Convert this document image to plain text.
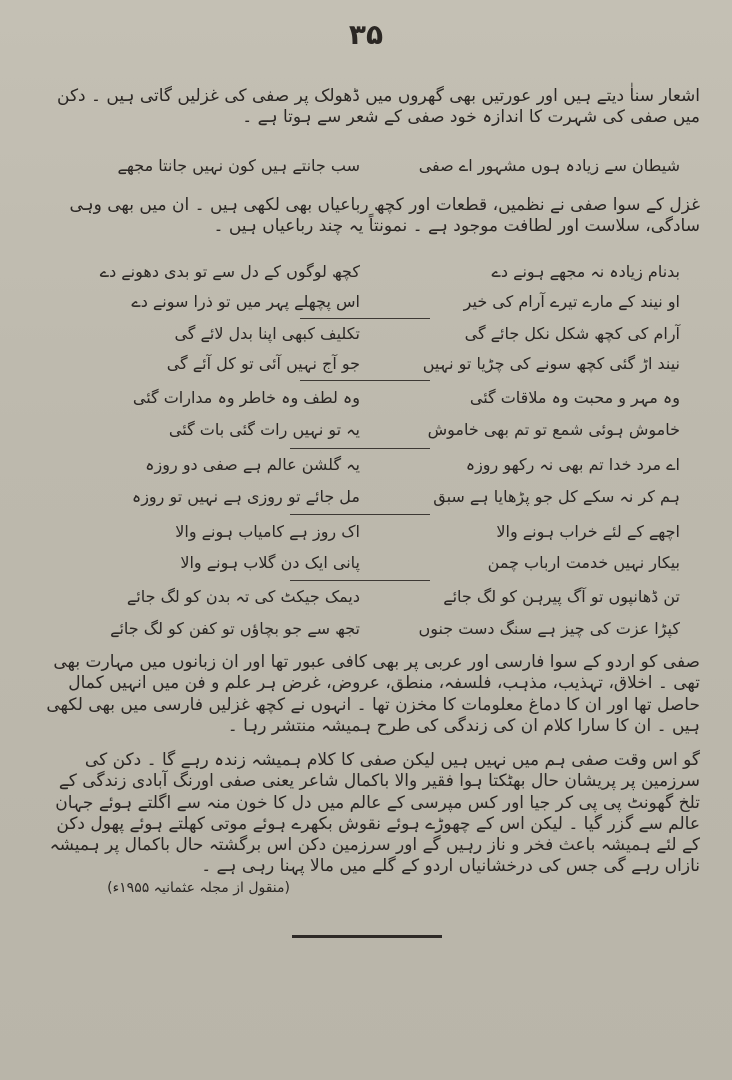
۳۵
اشعار سناٰ دیتے ہیں اور عورتیں بھی گھروں میں ڈھولک پر صفی کی غزلیں گاتی ہیں ۔ دکن میں صفی کی شہرت کا اندازہ خود صفی کے شعر سے ہوتا ہے ۔
شیطان سے زیادہ ہوں مشہور اے صفی
سب جانتے ہیں کون نہیں جانتا مجھے
غزل کے سوا صفی نے نظمیں، قطعات اور کچھ رباعیاں بھی لکھی ہیں ۔ ان میں بھی وہی سادگی، سلاست اور لطافت موجود ہے ۔ نمونتاً یہ چند رباعیاں ہیں ۔
بدنام زیادہ نہ مجھے ہونے دے
کچھ لوگوں کے دل سے تو بدی دھونے دے
او نیند کے مارے تیرے آرام کی خیر
اس پچھلے پہر میں تو ذرا سونے دے
آرام کی کچھ شکل نکل جائے گی
تکلیف کبھی اپنا بدل لائے گی
نیند اڑ گئی کچھ سونے کی چڑیا تو نہیں
جو آج نہیں آئی تو کل آئے گی
وہ مہر و محبت وہ ملاقات گئی
وہ لطف وہ خاطر وہ مدارات گئی
خاموش ہوئی شمع تو تم بھی خاموش
یہ تو نہیں رات گئی بات گئی
اے مرد خدا تم بھی نہ رکھو روزہ
یہ گلشن عالم ہے صفی دو روزہ
ہم کر نہ سکے کل جو پڑھایا ہے سبق
مل جائے تو روزی ہے نہیں تو روزہ
اچھے کے لئے خراب ہونے والا
اک روز ہے کامیاب ہونے والا
بیکار نہیں خدمت ارباب چمن
پانی ایک دن گلاب ہونے والا
تن ڈھانپوں تو آگ پیرہن کو لگ جائے
دیمک جیکٹ کی تہ بدن کو لگ جائے
کپڑا عزت کی چیز ہے سنگ دست جنوں
تجھ سے جو بچاؤں تو کفن کو لگ جائے
صفی کو اردو کے سوا فارسی اور عربی پر بھی کافی عبور تھا اور ان زبانوں میں مہارت بھی تھی ۔ اخلاق، تہذیب، مذہب، فلسفہ، منطق، عروض، غرض ہر علم و فن میں انہیں کمال حاصل تھا اور ان کا دماغ معلومات کا مخزن تھا ۔ انہوں نے کچھ غزلیں فارسی میں بھی لکھی ہیں ۔ ان کا سارا کلام ان کی زندگی کی طرح ہمیشہ منتشر رہا ۔
گو اس وقت صفی ہم میں نہیں ہیں لیکن صفی کا کلام ہمیشہ زندہ رہے گا ۔ دکن کی سرزمین پر پریشان حال بھٹکتا ہوا فقیر والا باکمال شاعر یعنی صفی اورنگ آبادی زندگی کے تلخ گھونٹ پی پی کر جیا اور کس مپرسی کے عالم میں دل کا خون منہ سے اگلتے ہوئے جہان عالم سے گزر گیا ۔ لیکن اس کے چھوڑے ہوئے نقوش بکھرے ہوئے موتی کھلتے ہوئے پھول دکن کے لئے ہمیشہ باعث فخر و ناز رہیں گے اور سرزمین دکن اس برگشتہ حال باکمال پر ہمیشہ نازاں رہے گی جس کی درخشانیاں اردو کے گلے میں مالا پہنا رہی ہے ۔
(منقول از مجلہ عثمانیہ ۱۹۵۵ء)
